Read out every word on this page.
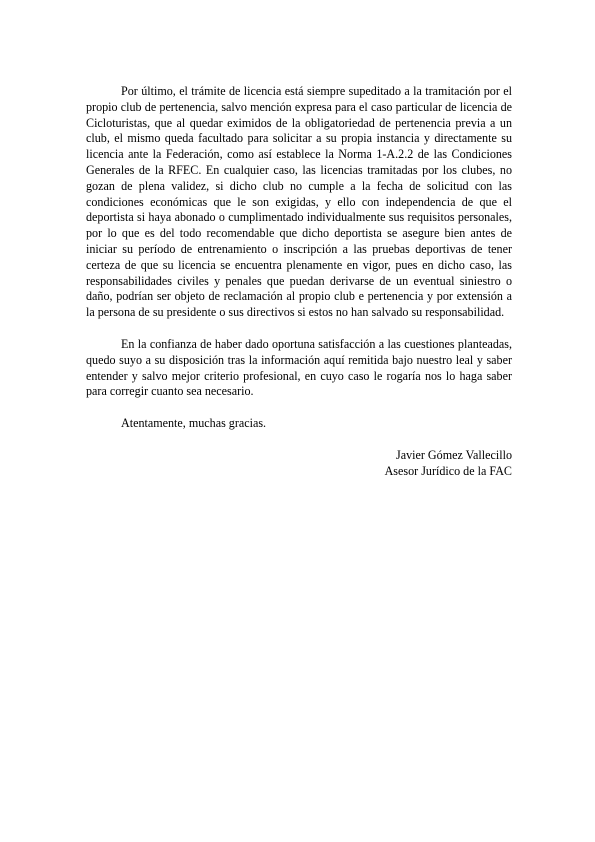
Por último, el trámite de licencia está siempre supeditado a la tramitación por el propio club de pertenencia, salvo mención expresa para el caso particular de licencia de Cicloturistas, que al quedar eximidos de la obligatoriedad de pertenencia previa a un club, el mismo queda facultado para solicitar a su propia instancia y directamente su licencia ante la Federación, como así establece la Norma 1-A.2.2 de las Condiciones Generales de la RFEC. En cualquier caso, las licencias tramitadas por los clubes, no gozan de plena validez, si dicho club no cumple a la fecha de solicitud con las condiciones económicas que le son exigidas, y ello con independencia de que el deportista si haya abonado o cumplimentado individualmente sus requisitos personales, por lo que es del todo recomendable que dicho deportista se asegure bien antes de iniciar su período de entrenamiento o inscripción a las pruebas deportivas de tener certeza de que su licencia se encuentra plenamente en vigor, pues en dicho caso, las responsabilidades civiles y penales que puedan derivarse de un eventual siniestro o daño, podrían ser objeto de reclamación al propio club e pertenencia y por extensión a la persona de su presidente o sus directivos si estos no han salvado su responsabilidad.

En la confianza de haber dado oportuna satisfacción a las cuestiones planteadas, quedo suyo a su disposición tras la información aquí remitida bajo nuestro leal y saber entender y salvo mejor criterio profesional, en cuyo caso le rogaría nos lo haga saber para corregir cuanto sea necesario.

Atentamente, muchas gracias.

Javier Gómez Vallecillo
Asesor Jurídico de la FAC
